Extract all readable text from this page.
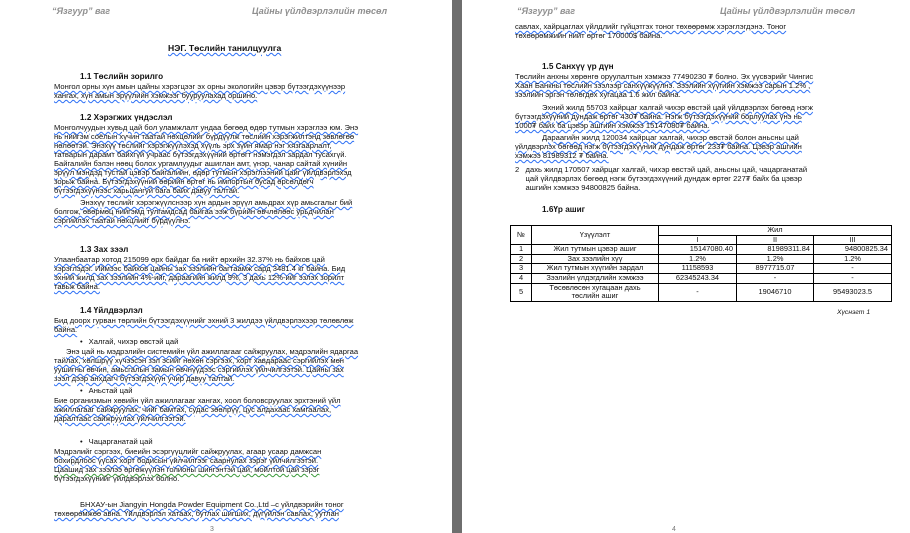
“Язгуур” ваг	Цайны үйлдвэрлэлийн төсөл
НЭГ. Төслийн танилцуулга
1.1 Төслийн зорилго
Монгол орны хүн амын цайны хэрэгцээг эх орны экологийн цэвэр бүтээгдэхүүнээр
хангах, хүн амын эрүүлийн хэмжээг бууруулахад оршино.
1.2 Хэрэгжих үндэслэл
Монголчуудын хувьд цай бол уламжлалт ундаа бөгөөд өдөр тутмын хэрэглээ юм. Энэ
нь нийгэм соёлын хүчин таатай нөхцөлийг бүрдүүлж төслийн хэрэгжилтэнд зөвлөгөө
нөлөөтэй. Энэхүү төслийг хэрэгжүүлэхэд хүүль эрх зүйн ямар нэг хязгаарлалт,
татварын дарамт байхгүй учраас бүтээгдэхүүний өртөгт нэмэгдэл зардал тусахгүй.
Байгалийн бэлэн нөөц болох ургамлуудыг ашиглан амт, үнэр, чанар сайтай хүнийн
эрүүл мэндэд тустай цэвэр байгалийн, өдөр тутмын хэрэглээний цайг үйлдвэрлэхэд
зорьж байна. Бүтээгдэхүүний өөрийн өртөг нь импортын бусад өрсөлдөгч
бүтээгдэхүүнээс харьцангуй бага байх давуу талтай.
Энэхүү төслийг хэрэгжүүлснээр хүн ардын эрүүл амьдрах хүр амьсгалыг бий
болгож, өвөрмөц нийгэмд тулгамдсад байгаа ээж бүрийн өвчлөлөөс урьдчилан
сэргийлэх таатай нөхцлийг бүрдүүлнэ.
1.3 Зах зээл
Улаанбаатар хотод 215099 өрх байдаг ба нийт өрхийн 32.37% нь байхов цай
хэрэглэдэг. Иймээс байхов цайны зах зээлийн багтаамж сард 3481.4 кг байна. Бид
эхний жилд зах зээлийн 4%-ийг, дараагийн жилд 9%, 3 дахь 12%-ийг эзлэх зорилт
тавьж байна.
1.4 Үйлдвэрлэл
Бид доорх гурван төрлийн бүтээгдэхүүнийг эхний 3 жилдээ үйлдвэрлэхээр төлөвлөж
байна.
• Халгай, чихэр өвстэй цай
Энэ цай нь мэдрэлийн системийн үйл ажиллагааг сайжруулах, мэдрэлийн ядаргаа
тайлах, хөлшрүү хүчээсэн зэл эсийг нөхөн сэргээх, хорт хавдараас сэргийлэх мөн
уушигны өвчин, амьсгалын замын өвчнүүдээс сэргийлэх үйлчилгээтэй. Цайны зах
зээл дээр анхдагч бүтээгдэхүүн учир давуу талтай.
• Аньстай цай
Бие организмын хөвийн үйл ажиллагааг хангах, хоол боловсруулах эрхтэний үйл
ажиллагааг сайжруулах, чийг бамтах, судас зөөлрүү, цус алдахаас хамгаалах,
даралтаас сайжруулах үйлчилгээтэй.
• Чацарганатай цай
Мэдрэлийг сэргээх, биеийн эсэргүүцлийг сайжруулах, агаар усаар дамжсан
бохирдлоос үүсах хорт бодисын үйлчилгээг саарнулах зэрэг үйлчилгээтэй.
Цаашид зах зээлээ өргөжүүлэн голионы шингэнтэй цай, мойлтой цай зэрэг
бүтээгдэхүүнийг үйлдвэрлэх болно.
БНХАУ-ын Jiangyin Hongda Powder Equipment Co.,Ltd –с үйлдвэрийн тоног
төхөөрөмжөө авна. Үйлдвэрлэл хатаах, бутлах шигших, дүгүйлэн савлах, уутлан
3
“Язгуур” ваг	Цайны үйлдвэрлэлийн төсөл
савлах, хайрцаглах үйлдлийг гүйцэтгэх тоног төхөөрөмж хэрэглэгдэнэ. Тоног
төхөөрөмжийн нийт өртөг 170000$ байна.
1.5 Санхүү үр дүн
Төслийн анхны хөрөнгө оруулалтын хэмжээ 77490230 ₮ болно. Эх үүсвэрийг Чингис
Хаан Банкны төслийн зээлээр санхүүжүүлнэ. Зээлийн хүүгийн хэмжээ сарын 1.2% ,
зээлийн эргэн төлөгдөх хугацаа 1.6 жил байна.
Эхний жилд 55703 хайрцаг халгай чихэр өвстэй цай үйлдвэрлэх бөгөөд нэгж
бүтээгдэхүүний дундаж өртөг 430₮ байна. Нэгж бүтээгдэхүүний борлуулах үнэ нь
1000₮ байх ба цэвэр ашгийн хэмжээ 15147080₮ байна.
Дараагийн жилд 120034 хайрцаг халгай, чихэр өвстэй болон аньсны цай
үйлдвэрлэх бөгөөд нэгж бүтээгдэхүүний дундаж өртөг 233₮ байна. Цэвэр ашгийн
хэмжээ 81989312 ₮ байна.
2   дахь жилд 170507 хайрцаг халгай, чихэр өвстэй цай, аньсны цай, чацарганатай
цай үйлдвэрлэх бөгөөд нэгж бүтээгдэхүүний дундаж өртөг 227₮ байх ба цэвэр
ашгийн хэмжээ 94800825 байна.
1.6Үр ашиг
№	Үзүүлэлт	Жил		
		I	II	III
1	Жил тутмын цэвэр ашиг	15147080.40	81989311.84	94800825.34
2	Зах зээлийн хүү	1.2%	1.2%	1.2%
3	Жил тутмын хүүгийн зардал	11158593	8977715.07	-
4	Зээлийн үлдэгдлийн хэмжээ	62345243.34	-	-
5	Төсөвлөсөн хугацаан дахь төслийн ашиг	-	19046710	95493023.5
Хүснэгт 1
4
